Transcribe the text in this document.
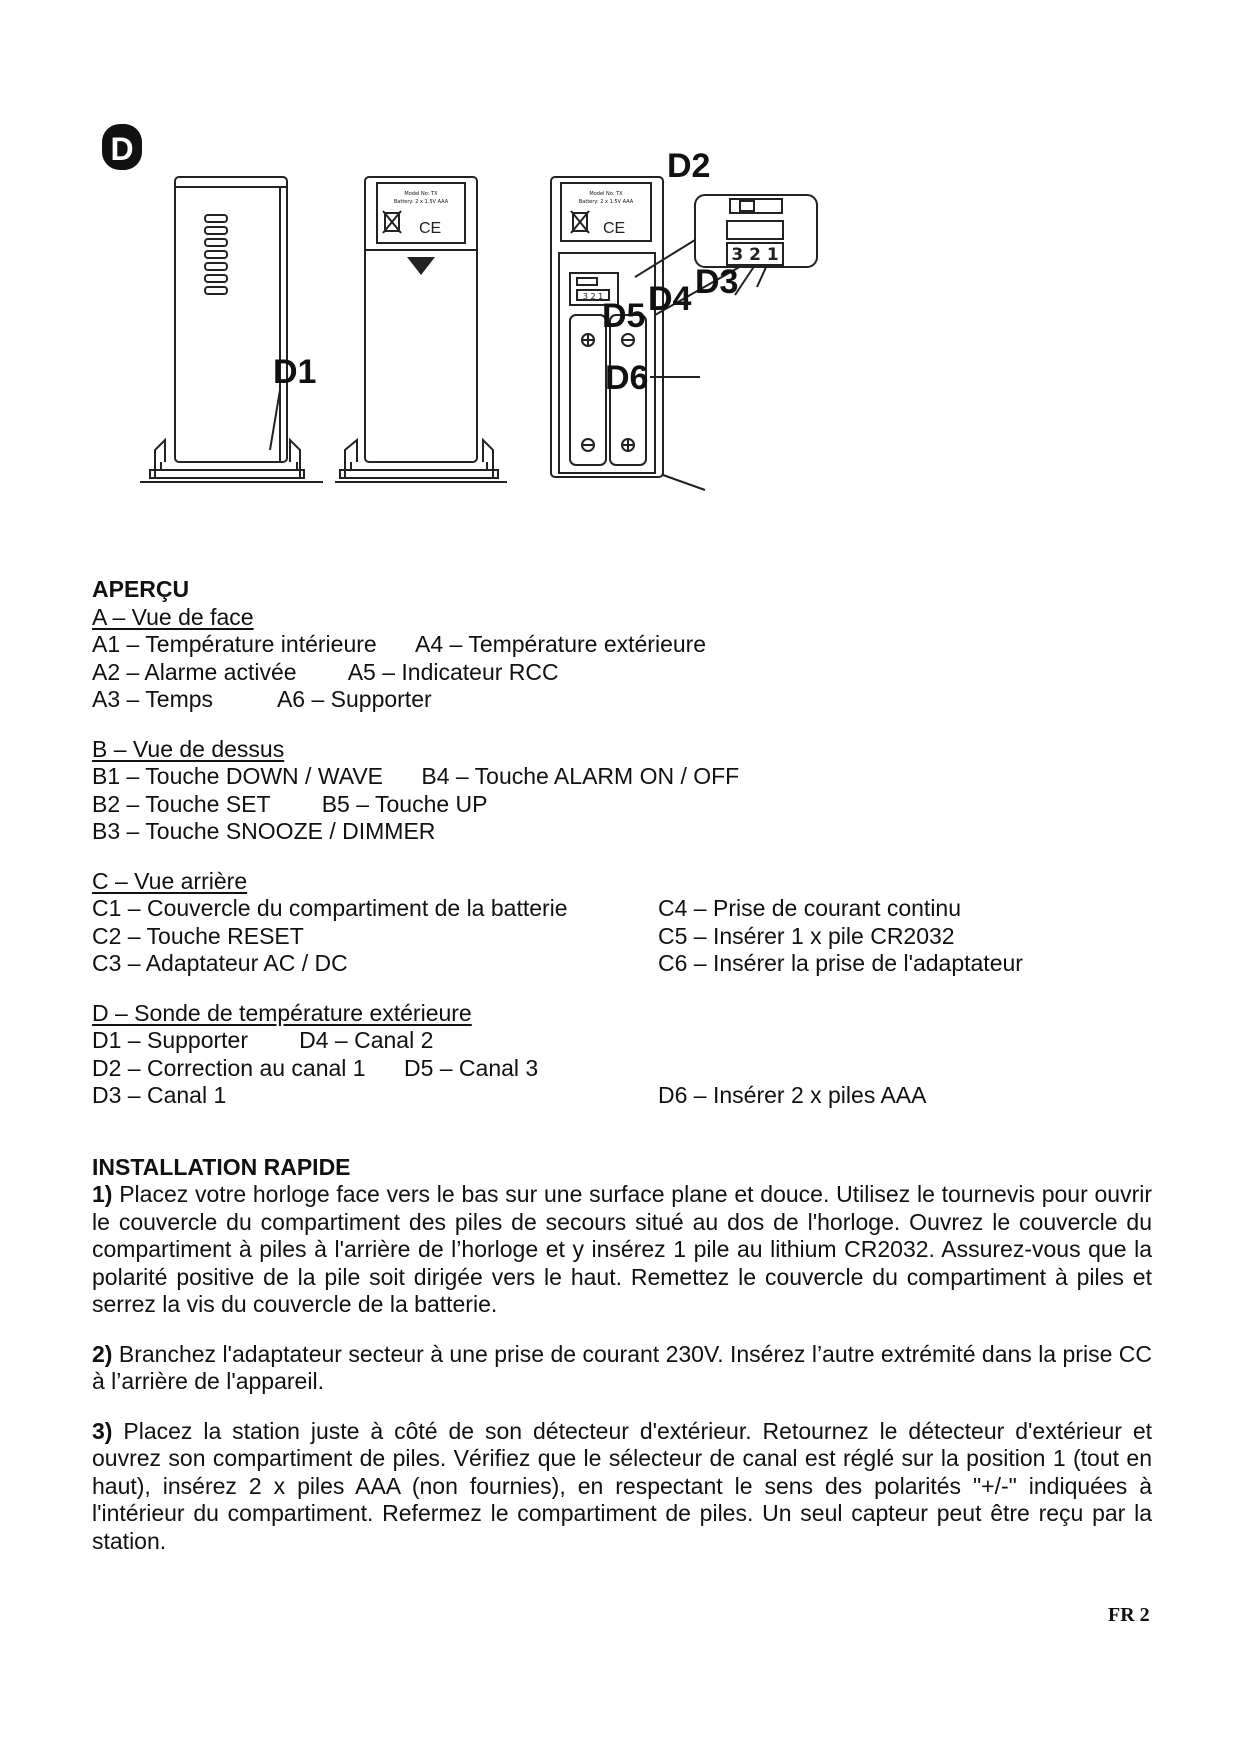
D
Model No: TX
Battery: 2 x 1.5V AAA
CE
Model No: TX
Battery: 2 x 1.5V AAA
CE
3 2 1
3 2 1
D2
D3
D4
D5
D6
D1
APERÇU
A – Vue de face
A1 – Température intérieure A4 – Température extérieure
A2 – Alarme activée A5 – Indicateur RCC
A3 – Temps	A6 – Supporter
B – Vue de dessus
B1 – Touche DOWN / WAVE B4 – Touche ALARM ON / OFF
B2 – Touche SET B5 – Touche UP
B3 – Touche SNOOZE / DIMMER
C – Vue arrière
C1 – Couvercle du compartiment de la batterie	C4 – Prise de courant continu
C2 – Touche RESET	C5 – Insérer 1 x pile CR2032
C3 – Adaptateur AC / DC	C6 – Insérer la prise de l'adaptateur
D – Sonde de température extérieure
D1 – Supporter D4 – Canal 2
D2 – Correction au canal 1 D5 – Canal 3
D3 – Canal 1	D6 – Insérer 2 x piles AAA
INSTALLATION RAPIDE

1) Placez votre horloge face vers le bas sur une surface plane et douce. Utilisez le tournevis pour ouvrir le couvercle du compartiment des piles de secours situé au dos de l'horloge. Ouvrez le couvercle du compartiment à piles à l'arrière de l’horloge et y insérez 1 pile au lithium CR2032. Assurez-vous que la polarité positive de la pile soit dirigée vers le haut. Remettez le couvercle du compartiment à piles et serrez la vis du couvercle de la batterie.

2) Branchez l'adaptateur secteur à une prise de courant 230V. Insérez l’autre extrémité dans la prise CC à l’arrière de l'appareil.

3) Placez la station juste à côté de son détecteur d'extérieur. Retournez le détecteur d'extérieur et ouvrez son compartiment de piles. Vérifiez que le sélecteur de canal est réglé sur la position 1 (tout en haut), insérez 2 x piles AAA (non fournies), en respectant le sens des polarités "+/-" indiquées à l'intérieur du compartiment. Refermez le compartiment de piles. Un seul capteur peut être reçu par la station.

FR 2
